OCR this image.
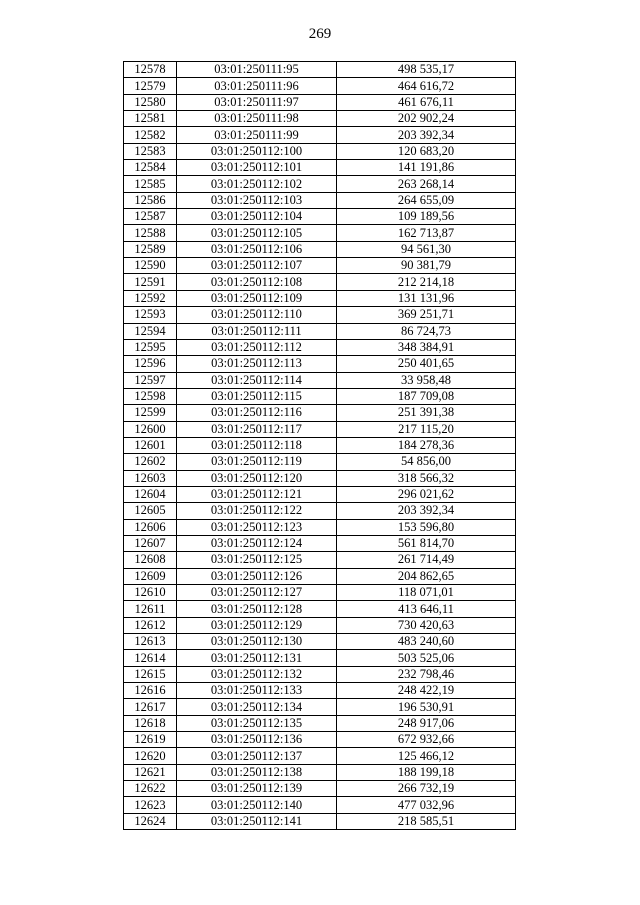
269
12578	03:01:250111:95	498 535,17
12579	03:01:250111:96	464 616,72
12580	03:01:250111:97	461 676,11
12581	03:01:250111:98	202 902,24
12582	03:01:250111:99	203 392,34
12583	03:01:250112:100	120 683,20
12584	03:01:250112:101	141 191,86
12585	03:01:250112:102	263 268,14
12586	03:01:250112:103	264 655,09
12587	03:01:250112:104	109 189,56
12588	03:01:250112:105	162 713,87
12589	03:01:250112:106	94 561,30
12590	03:01:250112:107	90 381,79
12591	03:01:250112:108	212 214,18
12592	03:01:250112:109	131 131,96
12593	03:01:250112:110	369 251,71
12594	03:01:250112:111	86 724,73
12595	03:01:250112:112	348 384,91
12596	03:01:250112:113	250 401,65
12597	03:01:250112:114	33 958,48
12598	03:01:250112:115	187 709,08
12599	03:01:250112:116	251 391,38
12600	03:01:250112:117	217 115,20
12601	03:01:250112:118	184 278,36
12602	03:01:250112:119	54 856,00
12603	03:01:250112:120	318 566,32
12604	03:01:250112:121	296 021,62
12605	03:01:250112:122	203 392,34
12606	03:01:250112:123	153 596,80
12607	03:01:250112:124	561 814,70
12608	03:01:250112:125	261 714,49
12609	03:01:250112:126	204 862,65
12610	03:01:250112:127	118 071,01
12611	03:01:250112:128	413 646,11
12612	03:01:250112:129	730 420,63
12613	03:01:250112:130	483 240,60
12614	03:01:250112:131	503 525,06
12615	03:01:250112:132	232 798,46
12616	03:01:250112:133	248 422,19
12617	03:01:250112:134	196 530,91
12618	03:01:250112:135	248 917,06
12619	03:01:250112:136	672 932,66
12620	03:01:250112:137	125 466,12
12621	03:01:250112:138	188 199,18
12622	03:01:250112:139	266 732,19
12623	03:01:250112:140	477 032,96
12624	03:01:250112:141	218 585,51
